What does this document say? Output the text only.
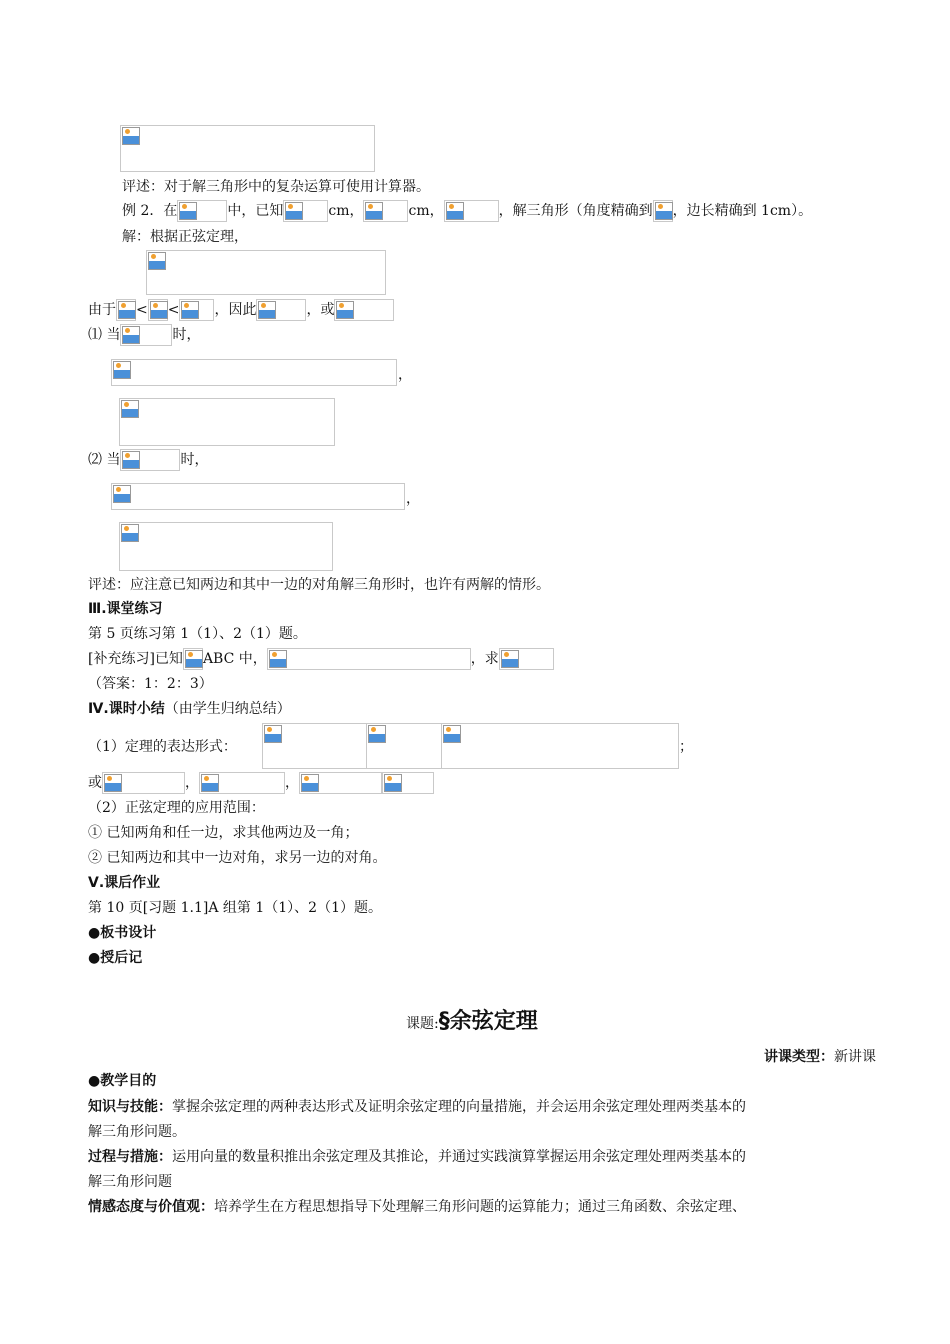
评述：对于解三角形中的复杂运算可使用计算器。
例 2．在	中，已知	cm，	cm，	，解三角形（角度精确到 ，边长精确到 1cm）。
解：根据正弦定理，
由于 < <	，因此	，或
⑴ 当	时，
，
⑵ 当	时，
，
评述：应注意已知两边和其中一边的对角解三角形时，也许有两解的情形。
Ⅲ.课堂练习
第 5 页练习第 1（1）、2（1）题。
[补充练习]已知 ABC 中，	，求
（答案：1：2：3）
Ⅳ.课时小结（由学生归纳总结）
（1）定理的表达形式：	；
或	，	，
（2）正弦定理的应用范围：
① 已知两角和任一边，求其他两边及一角；
② 已知两边和其中一边对角，求另一边的对角。
Ⅴ.课后作业
第 10 页[习题 1.1]A 组第 1（1）、2（1）题。
●板书设计
●授后记
课题:§余弦定理
讲课类型：新讲课
●教学目的
知识与技能：掌握余弦定理的两种表达形式及证明余弦定理的向量措施，并会运用余弦定理处理两类基本的
解三角形问题。
过程与措施：运用向量的数量积推出余弦定理及其推论，并通过实践演算掌握运用余弦定理处理两类基本的
解三角形问题
情感态度与价值观：培养学生在方程思想指导下处理解三角形问题的运算能力；通过三角函数、余弦定理、
